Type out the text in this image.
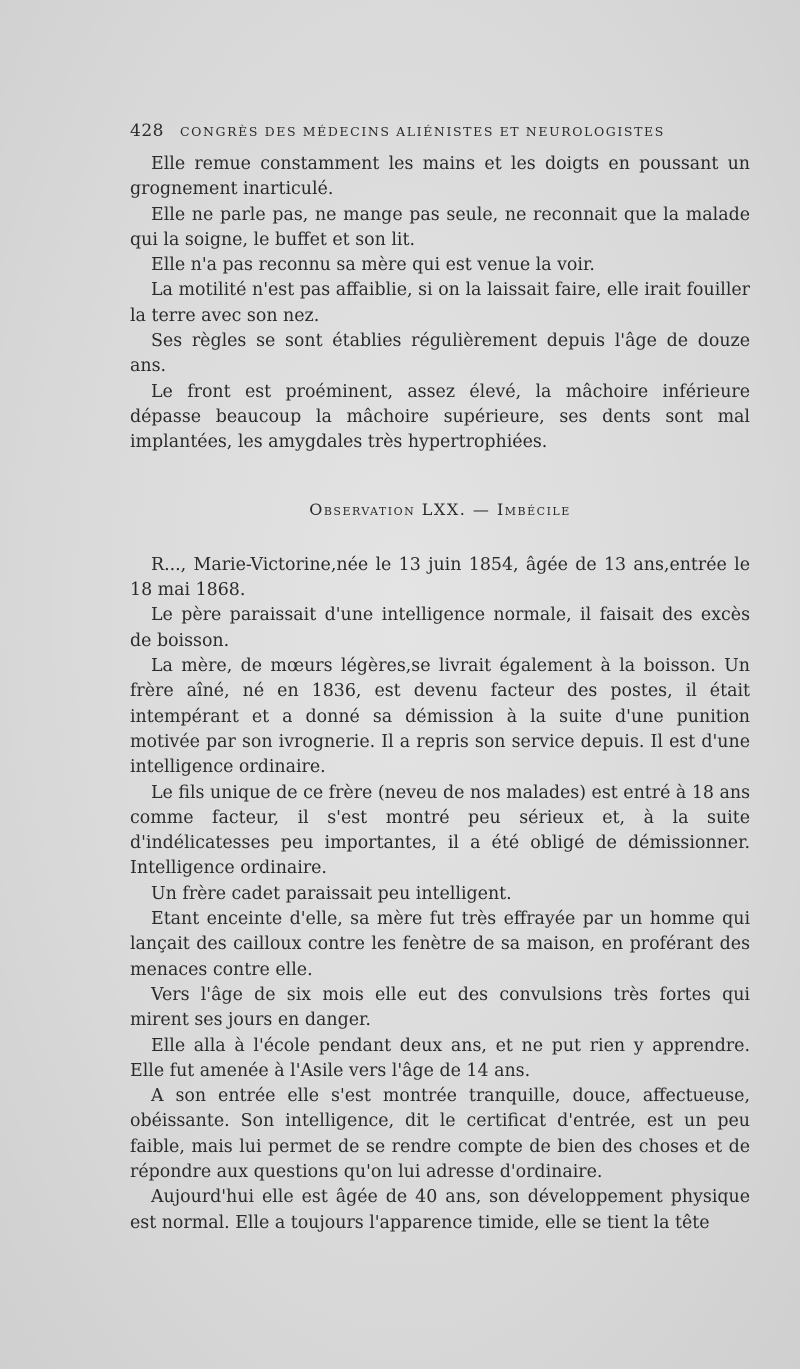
428	CONGRÈS DES MÉDECINS ALIÉNISTES ET NEUROLOGISTES

Elle remue constamment les mains et les doigts en poussant un grognement inarticulé.

Elle ne parle pas, ne mange pas seule, ne reconnait que la malade qui la soigne, le buffet et son lit.

Elle n'a pas reconnu sa mère qui est venue la voir.

La motilité n'est pas affaiblie, si on la laissait faire, elle irait fouiller la terre avec son nez.

Ses règles se sont établies régulièrement depuis l'âge de douze ans.

Le front est proéminent, assez élevé, la mâchoire inférieure dépasse beaucoup la mâchoire supérieure, ses dents sont mal implantées, les amygdales très hypertrophiées.

Observation LXX. — Imbécile

R..., Marie-Victorine,née le 13 juin 1854, âgée de 13 ans,entrée le 18 mai 1868.

Le père paraissait d'une intelligence normale, il faisait des excès de boisson.

La mère, de mœurs légères,se livrait également à la boisson. Un frère aîné, né en 1836, est devenu facteur des postes, il était intempérant et a donné sa démission à la suite d'une punition motivée par son ivrognerie. Il a repris son service depuis. Il est d'une intelligence ordinaire.

Le fils unique de ce frère (neveu de nos malades) est entré à 18 ans comme facteur, il s'est montré peu sérieux et, à la suite d'indélicatesses peu importantes, il a été obligé de démissionner. Intelligence ordinaire.

Un frère cadet paraissait peu intelligent.

Etant enceinte d'elle, sa mère fut très effrayée par un homme qui lançait des cailloux contre les fenètre de sa maison, en proférant des menaces contre elle.

Vers l'âge de six mois elle eut des convulsions très fortes qui mirent ses jours en danger.

Elle alla à l'école pendant deux ans, et ne put rien y apprendre. Elle fut amenée à l'Asile vers l'âge de 14 ans.

A son entrée elle s'est montrée tranquille, douce, affectueuse, obéissante. Son intelligence, dit le certificat d'entrée, est un peu faible, mais lui permet de se rendre compte de bien des choses et de répondre aux questions qu'on lui adresse d'ordinaire.

Aujourd'hui elle est âgée de 40 ans, son développement physique est normal. Elle a toujours l'apparence timide, elle se tient la tête
